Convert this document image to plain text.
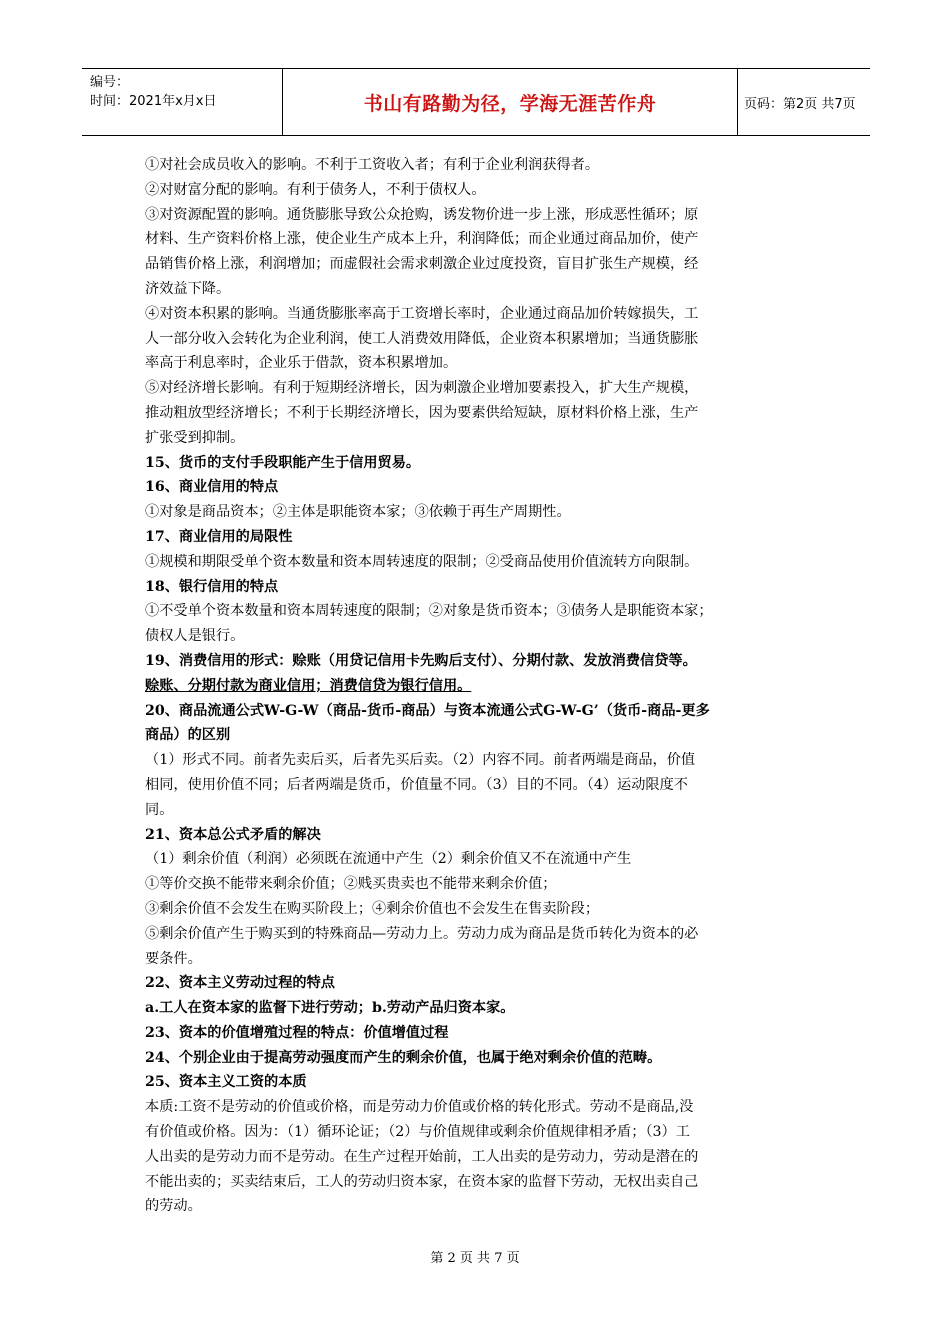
编号：
时间：2021年x月x日	书山有路勤为径，学海无涯苦作舟	页码：第2页 共7页
①对社会成员收入的影响。不利于工资收入者；有利于企业利润获得者。
②对财富分配的影响。有利于债务人，不利于债权人。
③对资源配置的影响。通货膨胀导致公众抢购，诱发物价进一步上涨，形成恶性循环；原
材料、生产资料价格上涨，使企业生产成本上升，利润降低；而企业通过商品加价，使产
品销售价格上涨，利润增加；而虚假社会需求刺激企业过度投资，盲目扩张生产规模，经
济效益下降。
④对资本积累的影响。当通货膨胀率高于工资增长率时，企业通过商品加价转嫁损失，工
人一部分收入会转化为企业利润，使工人消费效用降低，企业资本积累增加；当通货膨胀
率高于利息率时，企业乐于借款，资本积累增加。
⑤对经济增长影响。有利于短期经济增长，因为刺激企业增加要素投入，扩大生产规模，
推动粗放型经济增长；不利于长期经济增长，因为要素供给短缺，原材料价格上涨，生产
扩张受到抑制。
15、货币的支付手段职能产生于信用贸易。
16、商业信用的特点
①对象是商品资本；②主体是职能资本家；③依赖于再生产周期性。
17、商业信用的局限性
①规模和期限受单个资本数量和资本周转速度的限制；②受商品使用价值流转方向限制。
18、银行信用的特点
①不受单个资本数量和资本周转速度的限制；②对象是货币资本；③债务人是职能资本家；
债权人是银行。
19、消费信用的形式：赊账（用贷记信用卡先购后支付）、分期付款、发放消费信贷等。
赊账、分期付款为商业信用；消费信贷为银行信用。
20、商品流通公式W-G-W（商品-货币-商品）与资本流通公式G-W-G’（货币-商品-更多
商品）的区别
（1）形式不同。前者先卖后买，后者先买后卖。（2）内容不同。前者两端是商品，价值
相同，使用价值不同；后者两端是货币，价值量不同。（3）目的不同。（4）运动限度不
同。
21、资本总公式矛盾的解决
（1）剩余价值（利润）必须既在流通中产生（2）剩余价值又不在流通中产生
①等价交换不能带来剩余价值；②贱买贵卖也不能带来剩余价值；
③剩余价值不会发生在购买阶段上；④剩余价值也不会发生在售卖阶段；
⑤剩余价值产生于购买到的特殊商品—劳动力上。劳动力成为商品是货币转化为资本的必
要条件。
22、资本主义劳动过程的特点
a.工人在资本家的监督下进行劳动；b.劳动产品归资本家。
23、资本的价值增殖过程的特点：价值增值过程
24、个别企业由于提高劳动强度而产生的剩余价值，也属于绝对剩余价值的范畴。
25、资本主义工资的本质
本质:工资不是劳动的价值或价格，而是劳动力价值或价格的转化形式。劳动不是商品,没
有价值或价格。因为：（1）循环论证；（2）与价值规律或剩余价值规律相矛盾；（3）工
人出卖的是劳动力而不是劳动。在生产过程开始前，工人出卖的是劳动力，劳动是潜在的
不能出卖的；买卖结束后，工人的劳动归资本家，在资本家的监督下劳动，无权出卖自己
的劳动。
第 2 页 共 7 页
